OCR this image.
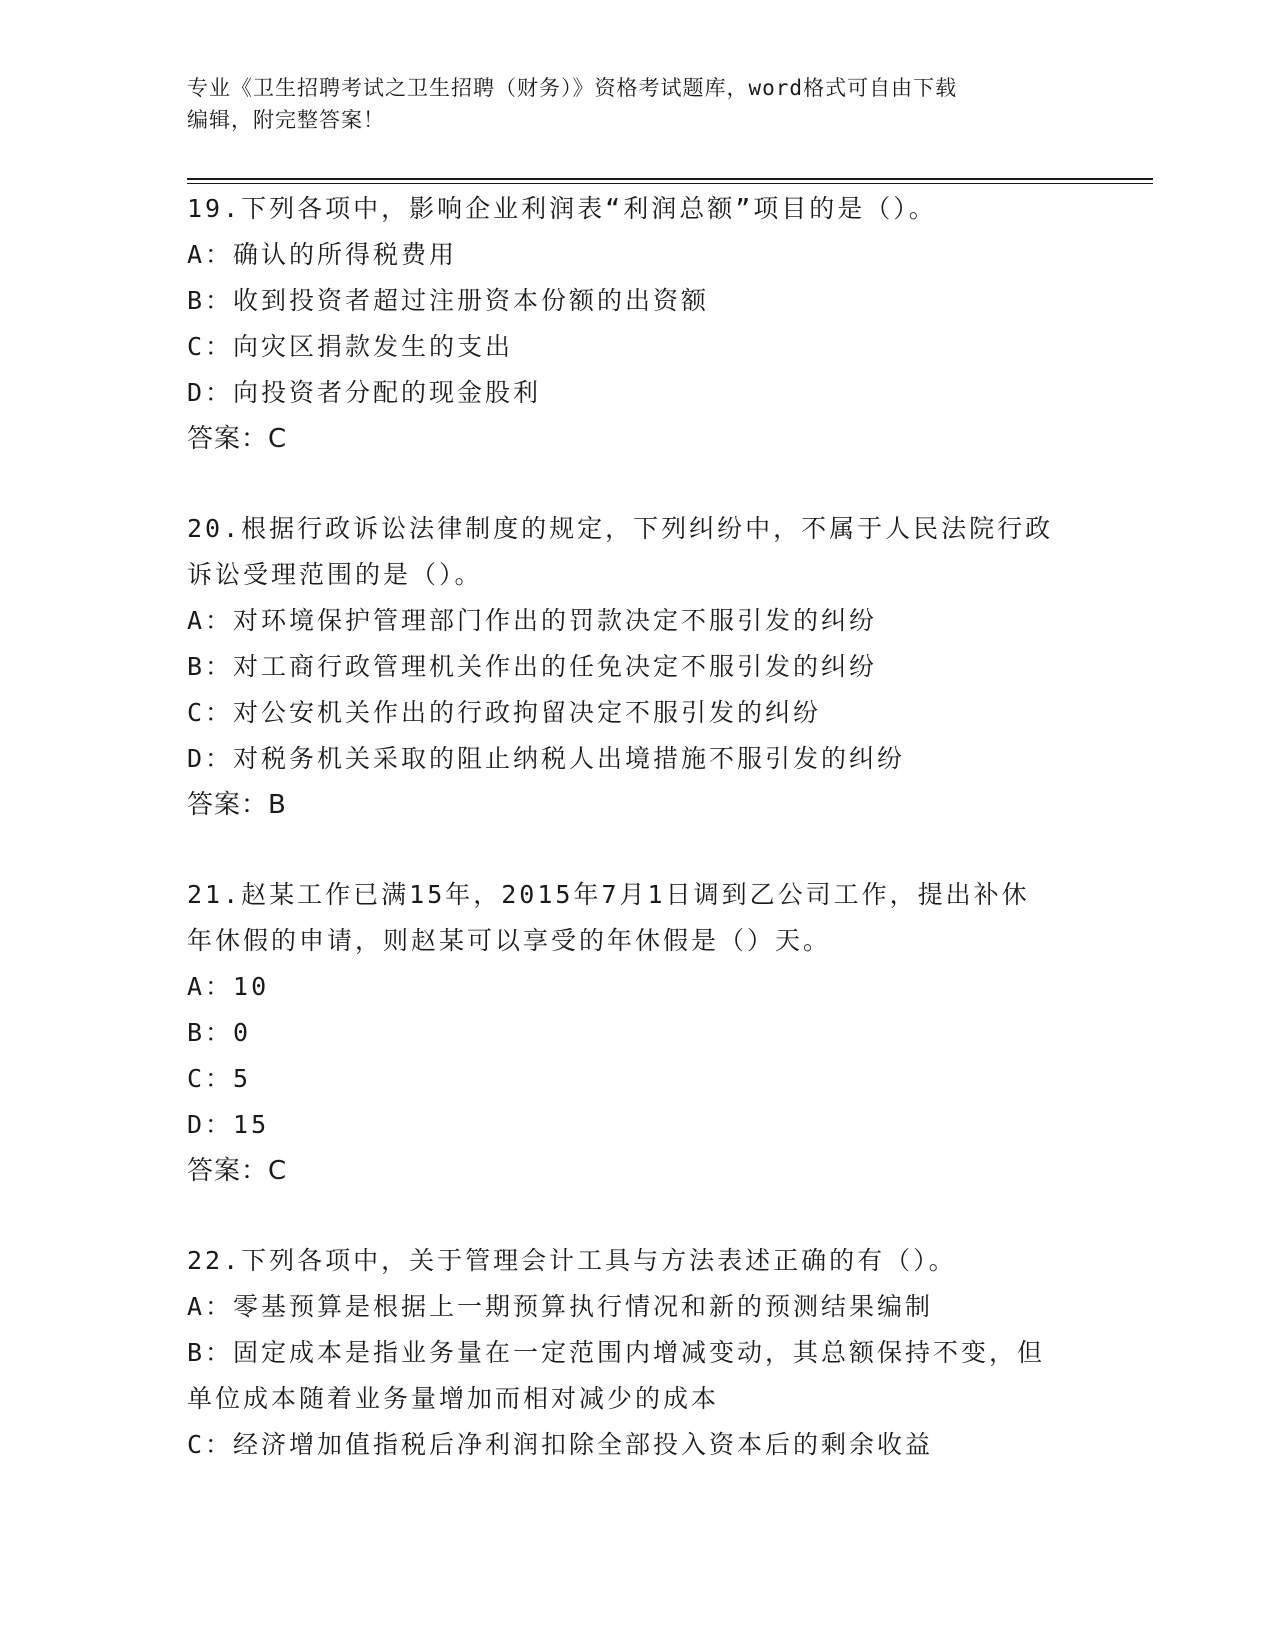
专业《卫生招聘考试之卫生招聘（财务）》资格考试题库，word格式可自由下载
编辑，附完整答案！

19.下列各项中，影响企业利润表“利润总额”项目的是（）。

A：确认的所得税费用

B：收到投资者超过注册资本份额的出资额

C：向灾区捐款发生的支出

D：向投资者分配的现金股利

答案：C

20.根据行政诉讼法律制度的规定，下列纠纷中，不属于人民法院行政

诉讼受理范围的是（）。

A：对环境保护管理部门作出的罚款决定不服引发的纠纷

B：对工商行政管理机关作出的任免决定不服引发的纠纷

C：对公安机关作出的行政拘留决定不服引发的纠纷

D：对税务机关采取的阻止纳税人出境措施不服引发的纠纷

答案：B

21.赵某工作已满15年，2015年7月1日调到乙公司工作，提出补休

年休假的申请，则赵某可以享受的年休假是（）天。

A：10

B：0

C：5

D：15

答案：C

22.下列各项中，关于管理会计工具与方法表述正确的有（）。

A：零基预算是根据上一期预算执行情况和新的预测结果编制

B：固定成本是指业务量在一定范围内增减变动，其总额保持不变，但

单位成本随着业务量增加而相对减少的成本

C：经济增加值指税后净利润扣除全部投入资本后的剩余收益
